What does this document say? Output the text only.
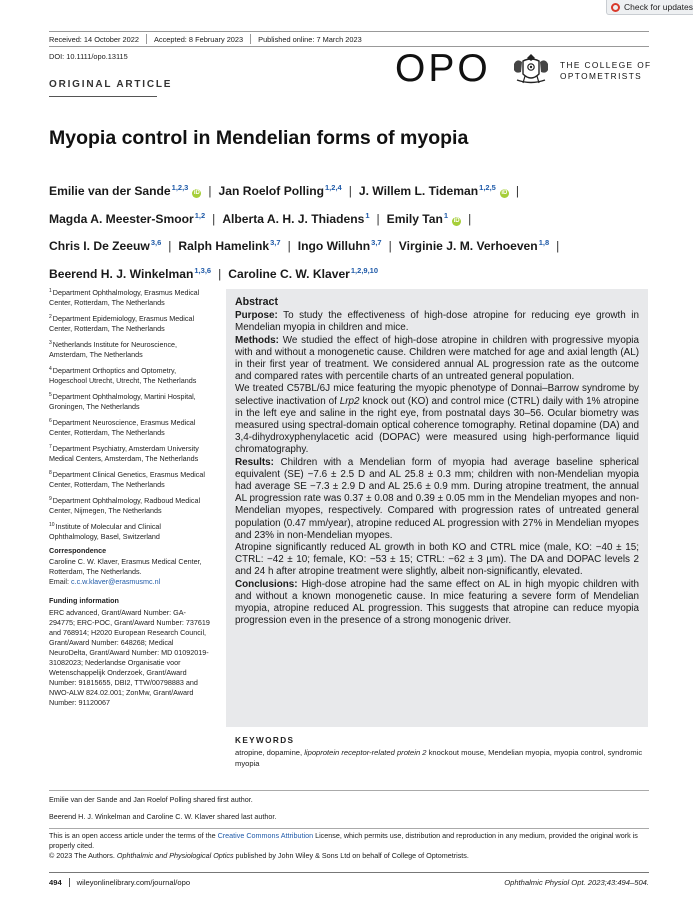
Check for updates
Received: 14 October 2022	Accepted: 8 February 2023	Published online: 7 March 2023
DOI: 10.1111/opo.13115
ORIGINAL ARTICLE	OPO	THE COLLEGE OF
OPTOMETRISTS
Myopia control in Mendelian forms of myopia
Emilie van der Sande$^{1,2,3}$iD | Jan Roelof Polling$^{1,2,4}$ | J. Willem L. Tideman$^{1,2,5}$iD |
Magda A. Meester-Smoor$^{1,2}$ | Alberta A. H. J. Thiadens$^1$ | Emily Tan$^1$iD |
Chris I. De Zeeuw$^{3,6}$ | Ralph Hamelink$^{3,7}$ | Ingo Willuhn$^{3,7}$ | Virginie J. M. Verhoeven$^{1,8}$ |
Beerend H. J. Winkelman$^{1,3,6}$ | Caroline C. W. Klaver$^{1,2,9,10}$
$^1$Department Ophthalmology, Erasmus Medical Center, Rotterdam, The Netherlands
$^2$Department Epidemiology, Erasmus Medical Center, Rotterdam, The Netherlands
$^3$Netherlands Institute for Neuroscience, Amsterdam, The Netherlands
$^4$Department Orthoptics and Optometry, Hogeschool Utrecht, Utrecht, The Netherlands
$^5$Department Ophthalmology, Martini Hospital, Groningen, The Netherlands
$^6$Department Neuroscience, Erasmus Medical Center, Rotterdam, The Netherlands
$^7$Department Psychiatry, Amsterdam University Medical Centers, Amsterdam, The Netherlands
$^8$Department Clinical Genetics, Erasmus Medical Center, Rotterdam, The Netherlands
$^9$Department Ophthalmology, Radboud Medical Center, Nijmegen, The Netherlands
$^{10}$Institute of Molecular and Clinical Ophthalmology, Basel, Switzerland
Correspondence
Caroline C. W. Klaver, Erasmus Medical Center, Rotterdam, The Netherlands.
Email: c.c.w.klaver@erasmusmc.nl
Funding information
ERC advanced, Grant/Award Number: GA-294775; ERC-POC, Grant/Award Number: 737619 and 768914; H2020 European Research Council, Grant/Award Number: 648268; Medical NeuroDelta, Grant/Award Number: MD 01092019-31082023; Nederlandse Organisatie voor Wetenschappelijk Onderzoek, Grant/Award Number: 91815655, DBI2, TTW/00798883 and NWO-ALW 824.02.001; ZonMw, Grant/Award Number: 91120067
Abstract

Purpose: To study the effectiveness of high-dose atropine for reducing eye growth in Mendelian myopia in children and mice.

Methods: We studied the effect of high-dose atropine in children with progressive myopia with and without a monogenetic cause. Children were matched for age and axial length (AL) in their first year of treatment. We considered annual AL progression rate as the outcome and compared rates with percentile charts of an untreated general population.

We treated C57BL/6J mice featuring the myopic phenotype of Donnai–Barrow syndrome by selective inactivation of Lrp2 knock out (KO) and control mice (CTRL) daily with 1% atropine in the left eye and saline in the right eye, from postnatal days 30–56. Ocular biometry was measured using spectral-domain optical coherence tomography. Retinal dopamine (DA) and 3,4-dihydroxyphenylacetic acid (DOPAC) were measured using high-performance liquid chromatography.

Results: Children with a Mendelian form of myopia had average baseline spherical equivalent (SE) −7.6 ± 2.5 D and AL 25.8 ± 0.3 mm; children with non-Mendelian myopia had average SE −7.3 ± 2.9 D and AL 25.6 ± 0.9 mm. During atropine treatment, the annual AL progression rate was 0.37 ± 0.08 and 0.39 ± 0.05 mm in the Mendelian myopes and non-Mendelian myopes, respectively. Compared with progression rates of untreated general population (0.47 mm/year), atropine reduced AL progression with 27% in Mendelian myopes and 23% in non-Mendelian myopes.

Atropine significantly reduced AL growth in both KO and CTRL mice (male, KO: −40 ± 15; CTRL: −42 ± 10; female, KO: −53 ± 15; CTRL: −62 ± 3 µm). The DA and DOPAC levels 2 and 24 h after atropine treatment were slightly, albeit non-significantly, elevated.

Conclusions: High-dose atropine had the same effect on AL in high myopic children with and without a known monogenetic cause. In mice featuring a severe form of Mendelian myopia, atropine reduced AL progression. This suggests that atropine can reduce myopia progression even in the presence of a strong monogenic driver.

KEYWORDS
atropine, dopamine, lipoprotein receptor-related protein 2 knockout mouse, Mendelian myopia, myopia control, syndromic myopia
Emilie van der Sande and Jan Roelof Polling shared first author.
Beerend H. J. Winkelman and Caroline C. W. Klaver shared last author.
This is an open access article under the terms of the Creative Commons Attribution License, which permits use, distribution and reproduction in any medium, provided the original work is properly cited.
© 2023 The Authors. Ophthalmic and Physiological Optics published by John Wiley & Sons Ltd on behalf of College of Optometrists.
494 wileyonlinelibrary.com/journal/opo	Ophthalmic Physiol Opt. 2023;43:494–504.
